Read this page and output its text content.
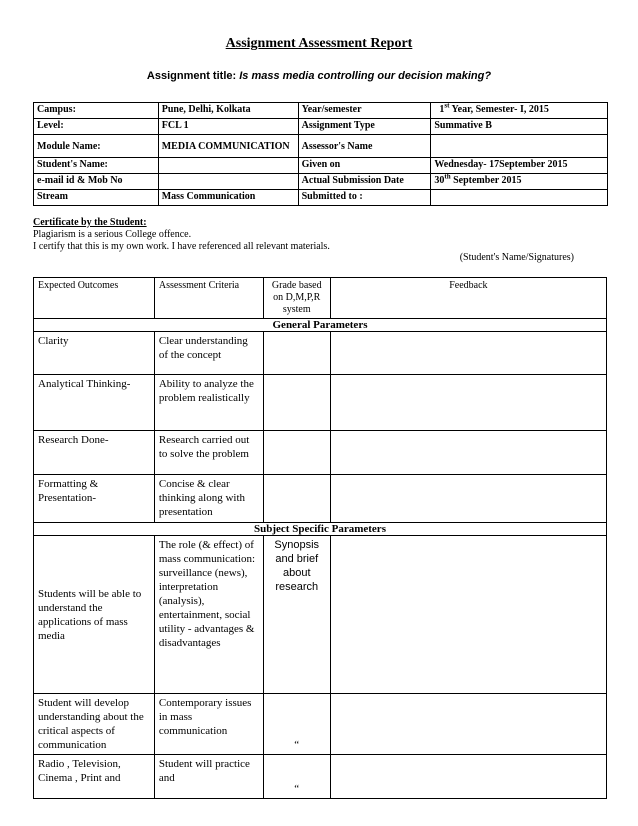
Assignment Assessment Report
Assignment title: Is mass media controlling our decision making?
Campus:	Pune, Delhi, Kolkata	Year/semester	1st Year, Semester- I, 2015
Level:	FCL 1	Assignment Type	Summative B
Module Name:	MEDIA COMMUNICATION	Assessor's Name	
Student's Name:		Given on	Wednesday- 17September 2015
e-mail id & Mob No		Actual Submission Date	30th September 2015
Stream	Mass Communication	Submitted to :	
Certificate by the Student:
Plagiarism is a serious College offence.
I certify that this is my own work. I have referenced all relevant materials.
(Student's Name/Signatures)
Expected Outcomes	Assessment Criteria	Grade based on D,M,P,R system	Feedback
General Parameters			
Clarity	Clear understanding of the concept		
Analytical Thinking-	Ability to analyze the problem realistically		
Research Done-	Research carried out to solve the problem		
Formatting & Presentation-	Concise & clear thinking along with presentation		
Subject Specific Parameters			
Students will be able to understand the applications of mass media	The role (& effect) of mass communication: surveillance (news), interpretation (analysis), entertainment, social utility - advantages & disadvantages	Synopsis and brief about research	
Student will develop understanding about the critical aspects of communication	Contemporary issues in mass communication	“	
Radio , Television, Cinema , Print and	Student will practice and	“	
